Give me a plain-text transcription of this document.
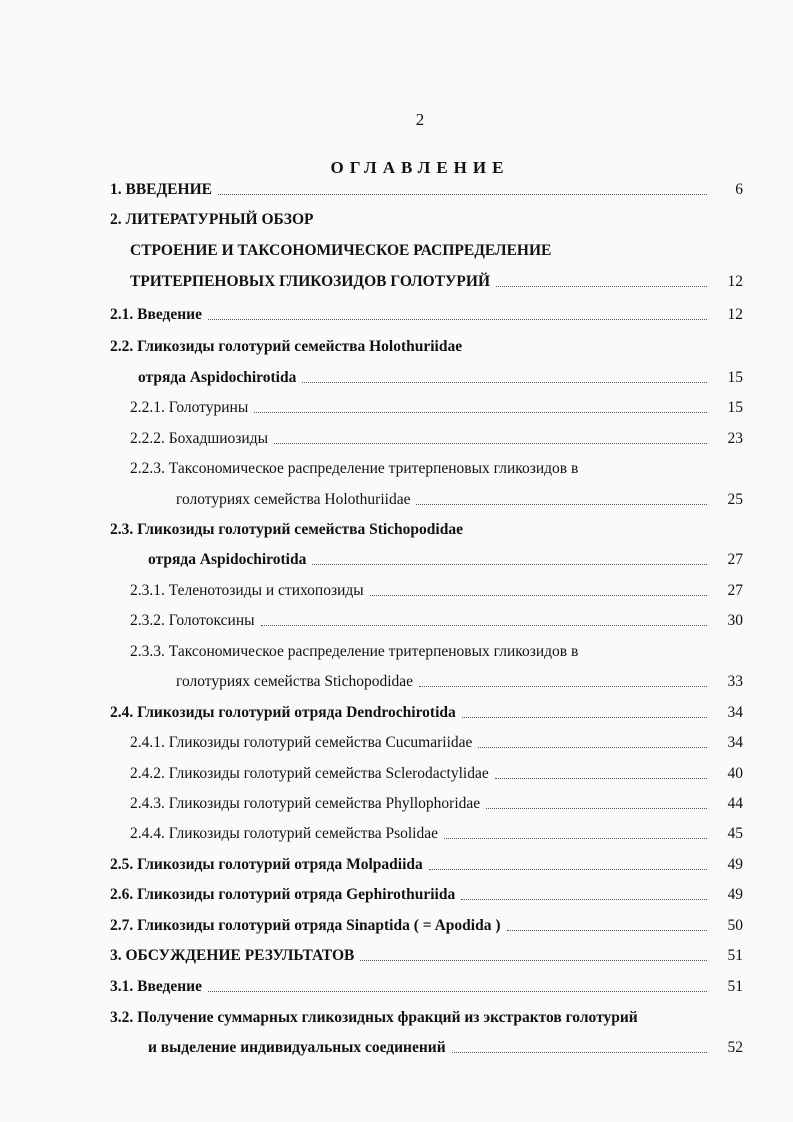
2
ОГЛАВЛЕНИЕ
1. ВВЕДЕНИЕ	6
2. ЛИТЕРАТУРНЫЙ ОБЗОР
СТРОЕНИЕ И ТАКСОНОМИЧЕСКОЕ РАСПРЕДЕЛЕНИЕ
ТРИТЕРПЕНОВЫХ ГЛИКОЗИДОВ ГОЛОТУРИЙ	12
2.1. Введение	12
2.2. Гликозиды голотурий семейства Holothuriidae
отряда Aspidochirotida	15
2.2.1. Голотурины	15
2.2.2. Бохадшиозиды	23
2.2.3. Таксономическое распределение тритерпеновых гликозидов в
голотуриях семейства Holothuriidae	25
2.3. Гликозиды голотурий семейства Stichopodidae
отряда Aspidochirotida	27
2.3.1. Теленотозиды и стихопозиды	27
2.3.2. Голотоксины	30
2.3.3. Таксономическое распределение тритерпеновых гликозидов в
голотуриях семейства Stichopodidae	33
2.4. Гликозиды голотурий отряда Dendrochirotida	34
2.4.1. Гликозиды голотурий семейства Cucumariidae	34
2.4.2. Гликозиды голотурий семейства Sclerodactylidae	40
2.4.3. Гликозиды голотурий семейства Phyllophoridae	44
2.4.4. Гликозиды голотурий семейства Psolidae	45
2.5. Гликозиды голотурий отряда Molpadiida	49
2.6. Гликозиды голотурий отряда Gephirothuriida	49
2.7. Гликозиды голотурий отряда Sinaptida ( = Apodida )	50
3. ОБСУЖДЕНИЕ РЕЗУЛЬТАТОВ	51
3.1. Введение	51
3.2. Получение суммарных гликозидных фракций из экстрактов голотурий
и выделение индивидуальных соединений	52
